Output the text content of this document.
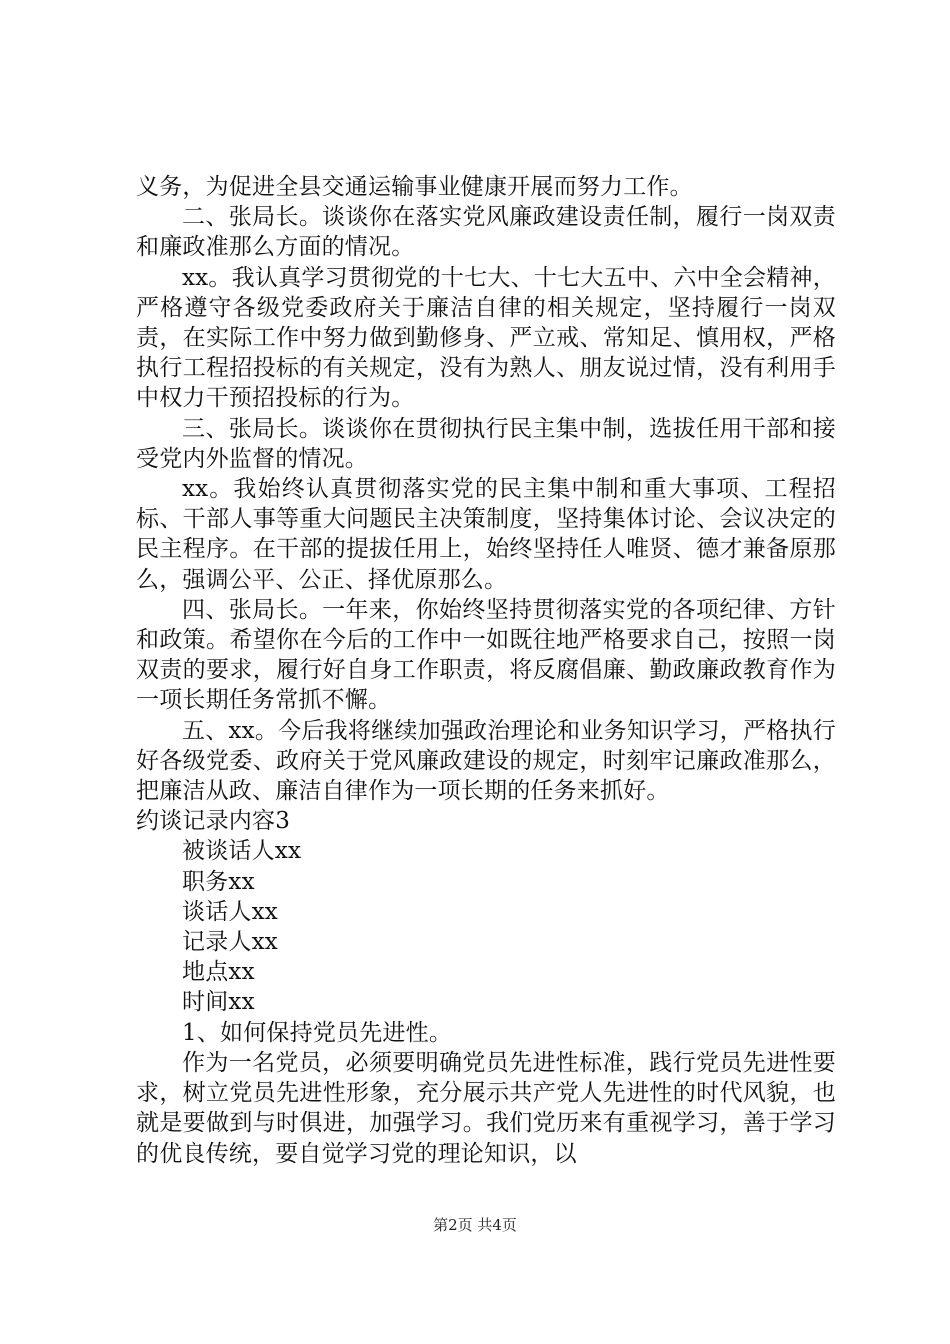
义务，为促进全县交通运输事业健康开展而努力工作。

二、张局长。谈谈你在落实党风廉政建设责任制，履行一岗双责和廉政准那么方面的情况。

xx。我认真学习贯彻党的十七大、十七大五中、六中全会精神，严格遵守各级党委政府关于廉洁自律的相关规定，坚持履行一岗双责，在实际工作中努力做到勤修身、严立戒、常知足、慎用权，严格执行工程招投标的有关规定，没有为熟人、朋友说过情，没有利用手中权力干预招投标的行为。

三、张局长。谈谈你在贯彻执行民主集中制，选拔任用干部和接受党内外监督的情况。

xx。我始终认真贯彻落实党的民主集中制和重大事项、工程招标、干部人事等重大问题民主决策制度，坚持集体讨论、会议决定的民主程序。在干部的提拔任用上，始终坚持任人唯贤、德才兼备原那么，强调公平、公正、择优原那么。

四、张局长。一年来，你始终坚持贯彻落实党的各项纪律、方针和政策。希望你在今后的工作中一如既往地严格要求自己，按照一岗双责的要求，履行好自身工作职责，将反腐倡廉、勤政廉政教育作为一项长期任务常抓不懈。

五、xx。今后我将继续加强政治理论和业务知识学习，严格执行好各级党委、政府关于党风廉政建设的规定，时刻牢记廉政准那么，把廉洁从政、廉洁自律作为一项长期的任务来抓好。

约谈记录内容3

被谈话人xx

职务xx

谈话人xx

记录人xx

地点xx

时间xx

1、如何保持党员先进性。

作为一名党员，必须要明确党员先进性标准，践行党员先进性要求，树立党员先进性形象，充分展示共产党人先进性的时代风貌，也就是要做到与时俱进，加强学习。我们党历来有重视学习，善于学习的优良传统，要自觉学习党的理论知识，以

第2页 共4页
